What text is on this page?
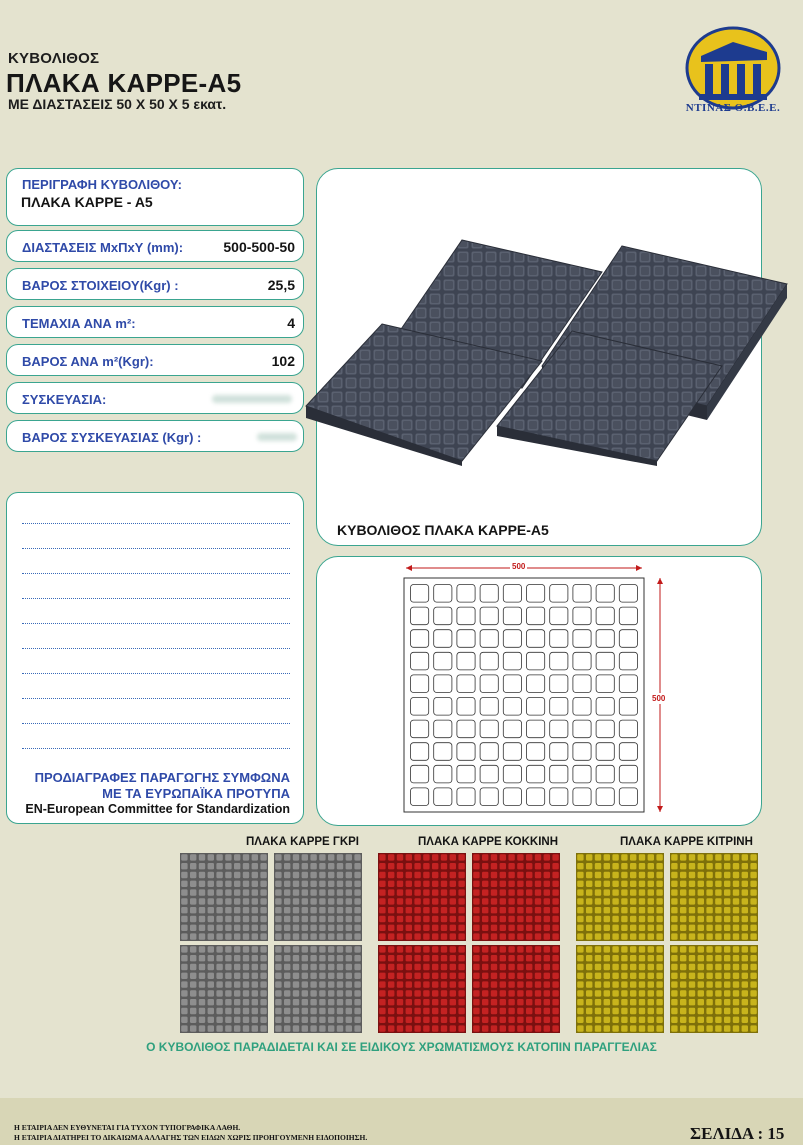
ΚΥΒΟΛΙΘΟΣ
ΠΛΑΚΑ ΚΑΡΡΕ-Α5
ΜΕ ΔΙΑΣΤΑΣΕΙΣ 50 Χ 50 Χ 5 εκατ.	ΝΤΙΝΑΣ Ο.Β.Ε.Ε.
ΠΕΡΙΓΡΑΦΗ ΚΥΒΟΛΙΘΟΥ:
ΠΛΑΚΑ ΚΑΡΡΕ - Α5
ΔΙΑΣΤΑΣΕΙΣ ΜxΠxΥ (mm):	500-500-50
ΒΑΡΟΣ ΣΤΟΙΧΕΙΟΥ(Kgr) :	25,5
ΤΕΜΑΧΙΑ ΑΝΑ m²:	4
ΒΑΡΟΣ ΑΝΑ m²(Kgr):	102
ΣΥΣΚΕΥΑΣΙΑ:
ΒΑΡΟΣ ΣΥΣΚΕΥΑΣΙΑΣ (Kgr) :
ΠΡΟΔΙΑΓΡΑΦΕΣ ΠΑΡΑΓΩΓΗΣ ΣΥΜΦΩΝΑ
ΜΕ ΤΑ ΕΥΡΩΠΑΪΚΑ ΠΡΟΤΥΠΑ
EN-European Committee for Standardization
ΚΥΒΟΛΙΘΟΣ ΠΛΑΚΑ ΚΑΡΡΕ-Α5
500
500
ΠΛΑΚΑ ΚΑΡΡΕ ΓΚΡΙ	ΠΛΑΚΑ ΚΑΡΡΕ ΚΟΚΚΙΝΗ	ΠΛΑΚΑ ΚΑΡΡΕ ΚΙΤΡΙΝΗ
Ο ΚΥΒΟΛΙΘΟΣ ΠΑΡΑΔΙΔΕΤΑΙ ΚΑΙ ΣΕ ΕΙΔΙΚΟΥΣ ΧΡΩΜΑΤΙΣΜΟΥΣ ΚΑΤΟΠΙΝ ΠΑΡΑΓΓΕΛΙΑΣ
Η ΕΤΑΙΡΙΑ ΔΕΝ ΕΥΘΥΝΕΤΑΙ ΓΙΑ ΤΥΧΟΝ ΤΥΠΟΓΡΑΦΙΚΑ ΛΑΘΗ.
Η ΕΤΑΙΡΙΑ ΔΙΑΤΗΡΕΙ ΤΟ ΔΙΚΑΙΩΜΑ ΑΛΛΑΓΗΣ ΤΩΝ ΕΙΔΩΝ ΧΩΡΙΣ ΠΡΟΗΓΟΥΜΕΝΗ ΕΙΔΟΠΟΙΗΣΗ.	ΣΕΛΙΔΑ : 15
